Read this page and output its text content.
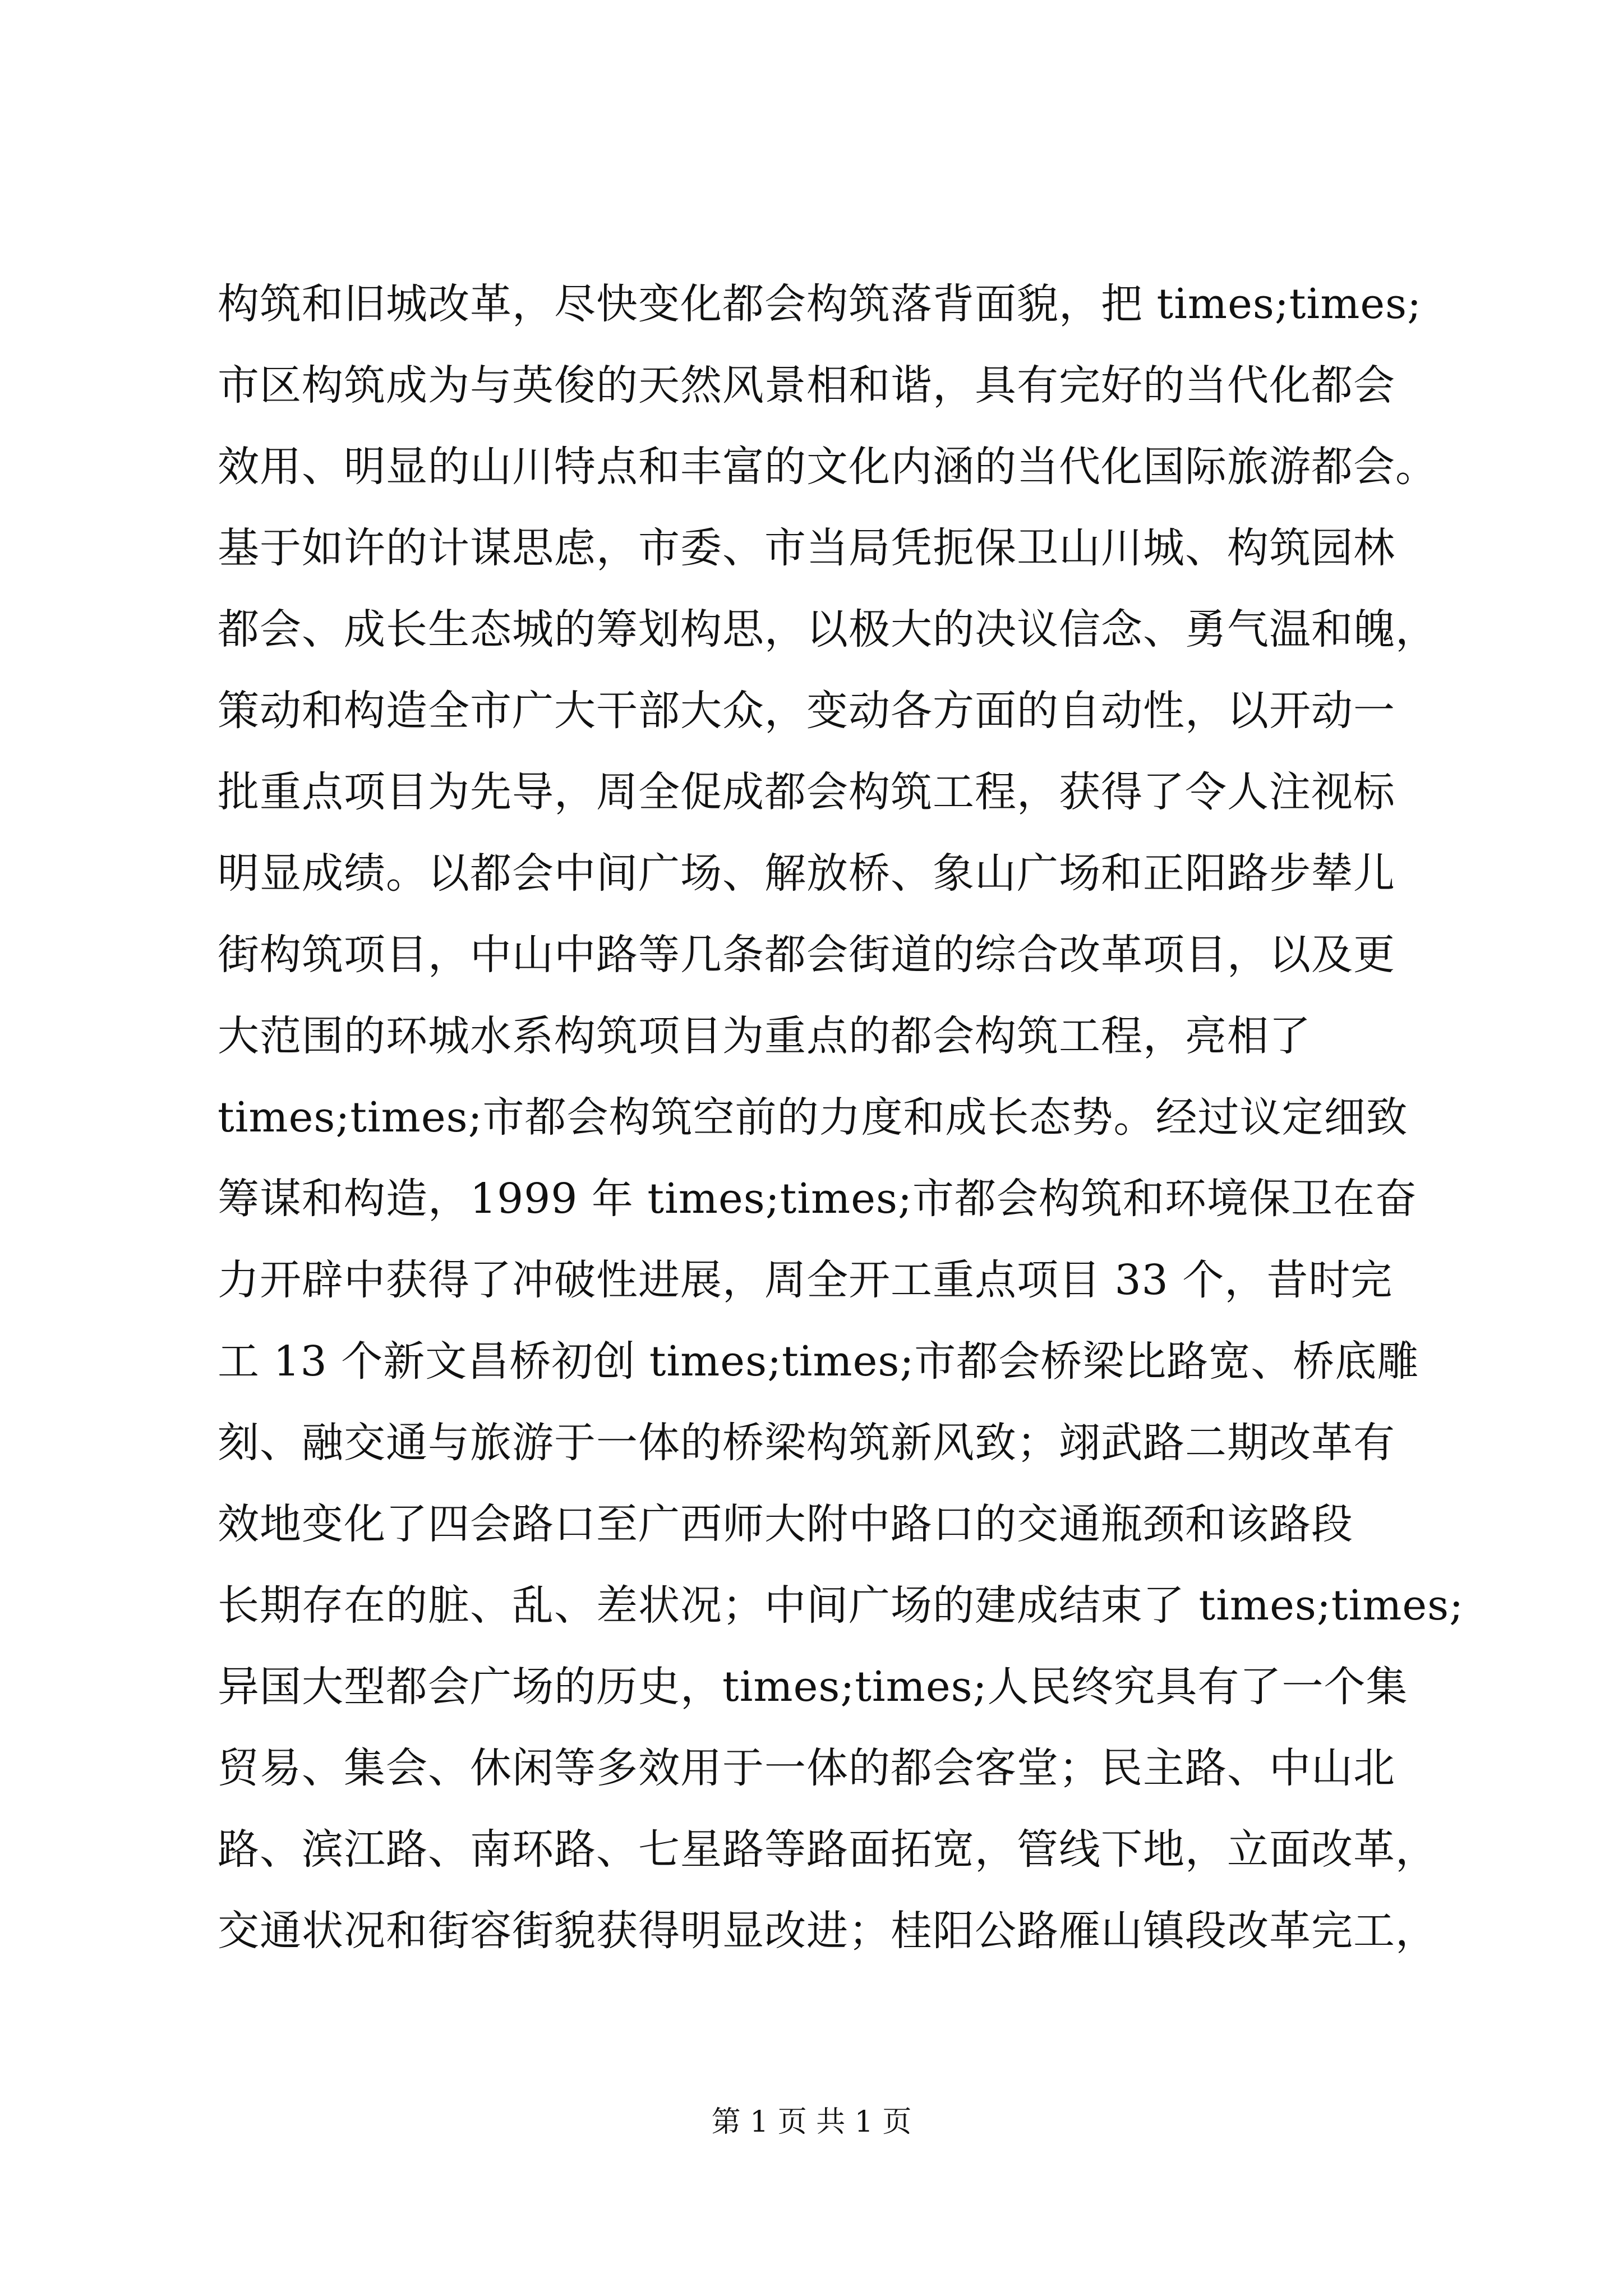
构筑和旧城改革，尽快变化都会构筑落背面貌，把 times;times;
市区构筑成为与英俊的天然风景相和谐，具有完好的当代化都会
效用、明显的山川特点和丰富的文化内涵的当代化国际旅游都会。
基于如许的计谋思虑，市委、市当局凭扼保卫山川城、构筑园林
都会、成长生态城的筹划构思，以极大的决议信念、勇气温和魄，
策动和构造全市广大干部大众，变动各方面的自动性，以开动一
批重点项目为先导，周全促成都会构筑工程，获得了令人注视标
明显成绩。以都会中间广场、解放桥、象山广场和正阳路步辇儿
街构筑项目，中山中路等几条都会街道的综合改革项目，以及更
大范围的环城水系构筑项目为重点的都会构筑工程，亮相了
times;times;市都会构筑空前的力度和成长态势。经过议定细致
筹谋和构造，1999 年 times;times;市都会构筑和环境保卫在奋
力开辟中获得了冲破性进展，周全开工重点项目 33 个，昔时完
工 13 个新文昌桥初创 times;times;市都会桥梁比路宽、桥底雕
刻、融交通与旅游于一体的桥梁构筑新风致；翊武路二期改革有
效地变化了四会路口至广西师大附中路口的交通瓶颈和该路段
长期存在的脏、乱、差状况；中间广场的建成结束了 times;times;
异国大型都会广场的历史，times;times;人民终究具有了一个集
贸易、集会、休闲等多效用于一体的都会客堂；民主路、中山北
路、滨江路、南环路、七星路等路面拓宽，管线下地，立面改革，
交通状况和街容街貌获得明显改进；桂阳公路雁山镇段改革完工，
第 1 页 共 1 页
